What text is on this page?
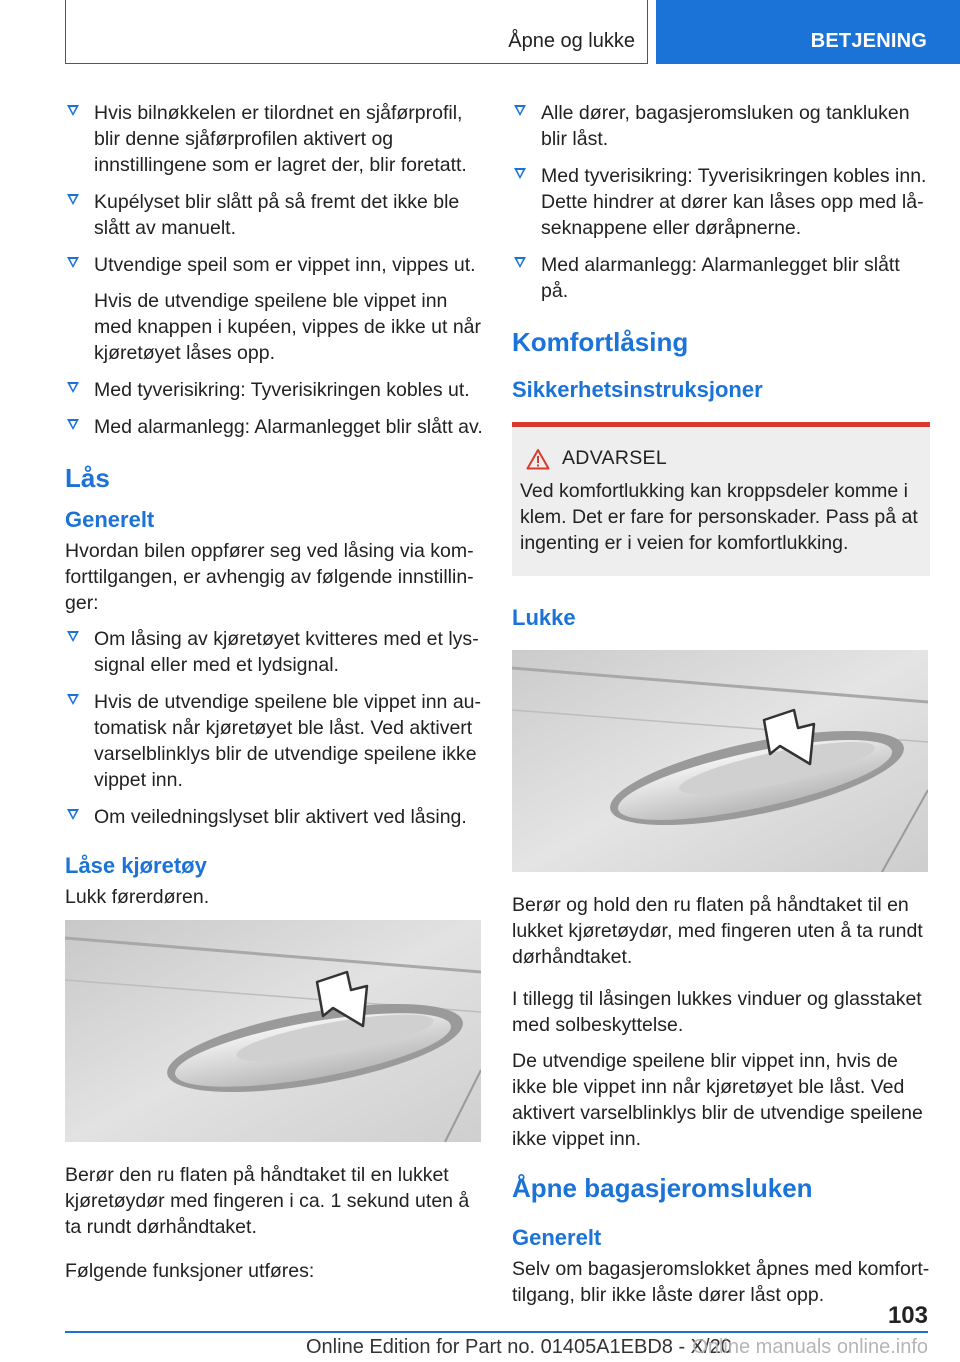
Åpne og lukke	BETJENING
Hvis bilnøkkelen er tilordnet en sjåførprofil, blir denne sjåførprofilen aktivert og innstillingene som er lagret der, blir foretatt.
Kupélyset blir slått på så fremt det ikke ble slått av manuelt.
Utvendige speil som er vippet inn, vippes ut.
Hvis de utvendige speilene ble vippet inn med knappen i kupéen, vippes de ikke ut når kjøretøyet låses opp.
Med tyverisikring: Tyverisikringen kobles ut.
Med alarmanlegg: Alarmanlegget blir slått av.
Lås
Generelt

Hvordan bilen oppfører seg ved låsing via komforttilgangen, er avhengig av følgende innstillinger:

Om låsing av kjøretøyet kvitteres med et lyssignal eller med et lydsignal.
Hvis de utvendige speilene ble vippet inn automatisk når kjøretøyet ble låst. Ved aktivert varselblinklys blir de utvendige speilene ikke vippet inn.
Om veiledningslyset blir aktivert ved låsing.
Låse kjøretøy

Lukk førerdøren.

Berør den ru flaten på håndtaket til en lukket kjøretøydør med fingeren i ca. 1 sekund uten å ta rundt dørhåndtaket.

Følgende funksjoner utføres:

Alle dører, bagasjeromsluken og tankluken blir låst.
Med tyverisikring: Tyverisikringen kobles inn. Dette hindrer at dører kan låses opp med låseknappene eller døråpnerne.
Med alarmanlegg: Alarmanlegget blir slått på.
Komfortlåsing
Sikkerhetsinstruksjoner
ADVARSEL
Ved komfortlukking kan kroppsdeler komme i klem. Det er fare for personskader. Pass på at ingenting er i veien for komfortlukking.
Lukke

Berør og hold den ru flaten på håndtaket til en lukket kjøretøydør, med fingeren uten å ta rundt dørhåndtaket.

I tillegg til låsingen lukkes vinduer og glasstaket med solbeskyttelse.

De utvendige speilene blir vippet inn, hvis de ikke ble vippet inn når kjøretøyet ble låst. Ved aktivert varselblinklys blir de utvendige speilene ikke vippet inn.

Åpne bagasjeromsluken
Generelt

Selv om bagasjeromslokket åpnes med komforttilgang, blir ikke låste dører låst opp.

103
Online Edition for Part no. 01405A1EBD8 - X/20
Online manuals online.info
